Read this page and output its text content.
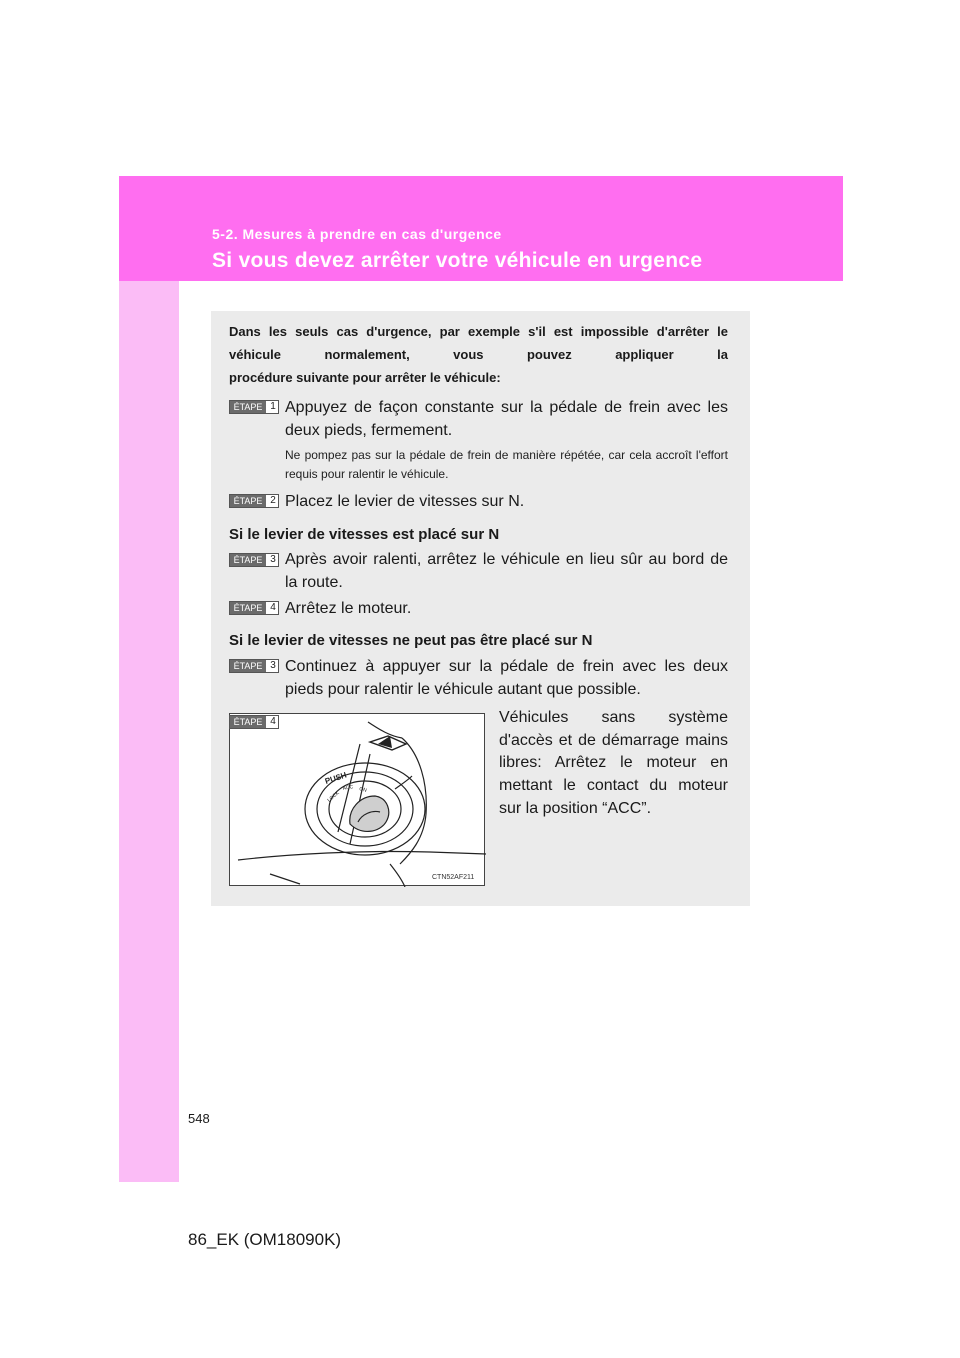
5-2. Mesures à prendre en cas d'urgence
Si vous devez arrêter votre véhicule en urgence
Dans les seuls cas d'urgence, par exemple s'il est impossible d'arrêter le véhicule normalement, vous pouvez appliquer la
procédure suivante pour arrêter le véhicule:
ÉTAPE 1 Appuyez de façon constante sur la pédale de frein avec les deux pieds, fermement.
Ne pompez pas sur la pédale de frein de manière répétée, car cela accroît l'effort requis pour ralentir le véhicule.
ÉTAPE 2 Placez le levier de vitesses sur N.
Si le levier de vitesses est placé sur N
ÉTAPE 3 Après avoir ralenti, arrêtez le véhicule en lieu sûr au bord de la route.
ÉTAPE 4 Arrêtez le moteur.
Si le levier de vitesses ne peut pas être placé sur N
ÉTAPE 3 Continuez à appuyer sur la pédale de frein avec les deux pieds pour ralentir le véhicule autant que possible.
PUSH
LOCK
ACC ON
ÉTAPE 4
CTN52AF211
Véhicules sans système d'accès et de démarrage mains libres: Arrêtez le moteur en mettant le contact du moteur sur la position “ACC”.
548
86_EK (OM18090K)
